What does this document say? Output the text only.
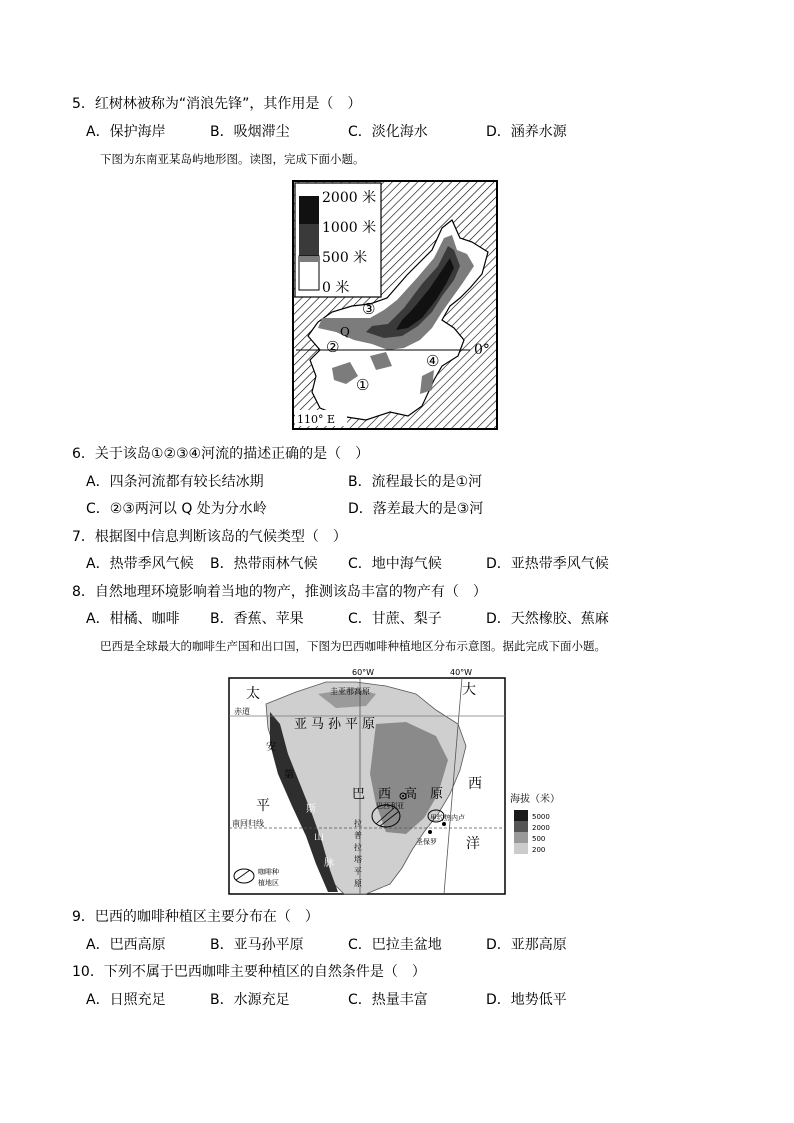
5．红树林被称为“消浪先锋”，其作用是（　）
A．保护海岸	B．吸烟滞尘	C．淡化海水	D．涵养水源
下图为东南亚某岛屿地形图。读图，完成下面小题。
2000 米
1000 米
500 米
0 米
③
Q
②
④
①
0°
110° E
6．关于该岛①②③④河流的描述正确的是（　）
A．四条河流都有较长结冰期	B．流程最长的是①河
C．②③两河以 Q 处为分水岭	D．落差最大的是③河
7．根据图中信息判断该岛的气候类型（　）
A．热带季风气候 B．热带雨林气候 C．地中海气候	D．亚热带季风气候
8．自然地理环境影响着当地的物产，推测该岛丰富的物产有（　）
A．柑橘、咖啡 B．香蕉、苹果	C．甘蔗、梨子	D．天然橡胶、蕉麻
巴西是全球最大的咖啡生产国和出口国，下图为巴西咖啡种植地区分布示意图。据此完成下面小题。
60°W	40°W
太
平
大
西
洋
赤道
南回归线
圭亚那高原
亚马孙平原
安
第
斯
山
脉
巴　西　高　原
拉
普
拉
塔
平
原
巴西利亚
里约热内卢
圣保罗
咖啡种
植地区
海拔（米）
5000
2000
500
200
9．巴西的咖啡种植区主要分布在（　）
A．巴西高原	B．亚马孙平原	C．巴拉圭盆地	D．亚那高原
10．下列不属于巴西咖啡主要种植区的自然条件是（　）
A．日照充足	B．水源充足	C．热量丰富	D．地势低平
